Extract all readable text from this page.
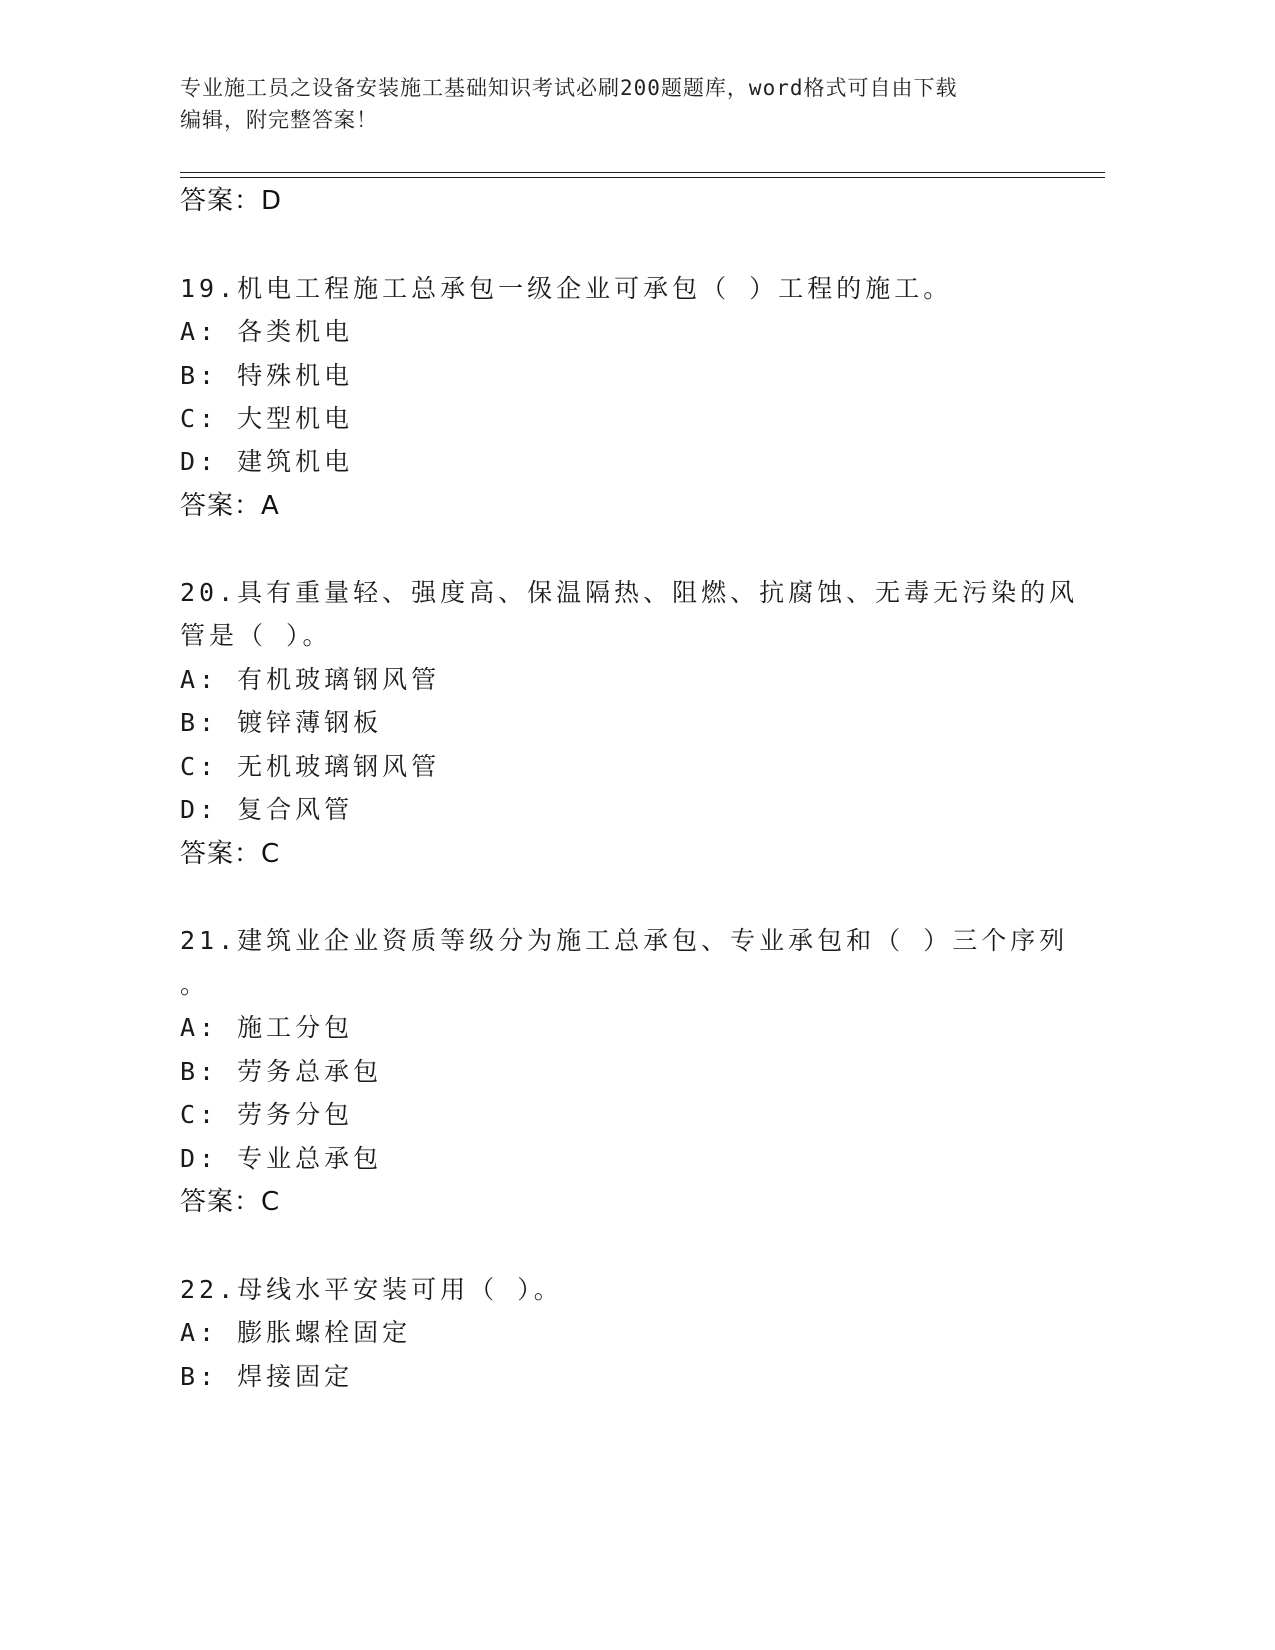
专业施工员之设备安装施工基础知识考试必刷200题题库，word格式可自由下载
编辑，附完整答案！
答案：D
19.机电工程施工总承包一级企业可承包（ ）工程的施工。
A: 各类机电
B: 特殊机电
C: 大型机电
D: 建筑机电
答案：A
20.具有重量轻、强度高、保温隔热、阻燃、抗腐蚀、无毒无污染的风
管是（ ）。
A: 有机玻璃钢风管
B: 镀锌薄钢板
C: 无机玻璃钢风管
D: 复合风管
答案：C
21.建筑业企业资质等级分为施工总承包、专业承包和（ ）三个序列
。
A: 施工分包
B: 劳务总承包
C: 劳务分包
D: 专业总承包
答案：C
22.母线水平安装可用（ ）。
A: 膨胀螺栓固定
B: 焊接固定
